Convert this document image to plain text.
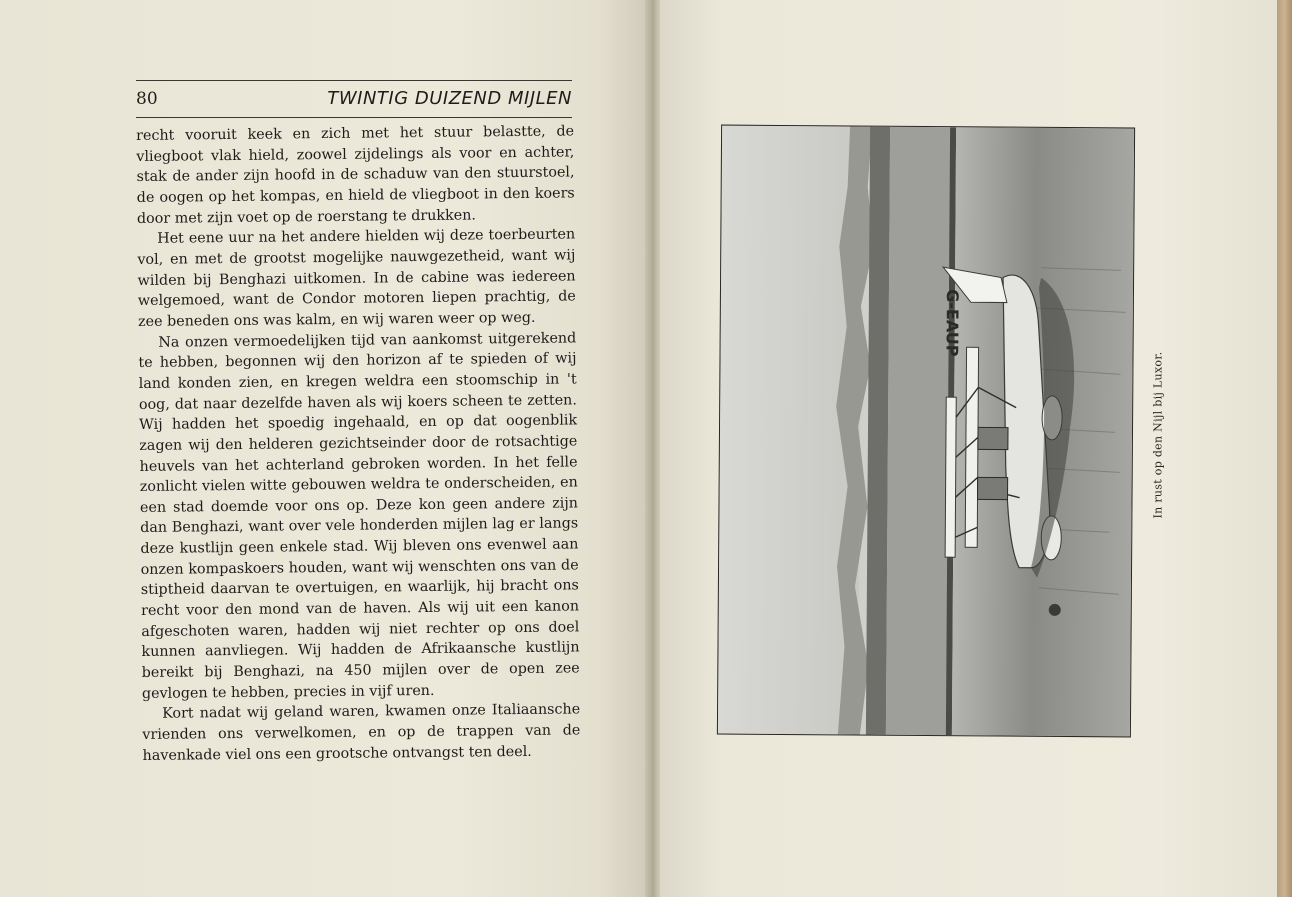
80	TWINTIG DUIZEND MIJLEN

recht vooruit keek en zich met het stuur belastte, de vliegboot vlak hield, zoowel zijdelings als voor en achter, stak de ander zijn hoofd in de schaduw van den stuurstoel, de oogen op het kompas, en hield de vliegboot in den koers door met zijn voet op de roerstang te drukken.

Het eene uur na het andere hielden wij deze toerbeurten vol, en met de grootst mogelijke nauwgezetheid, want wij wilden bij Benghazi uitkomen. In de cabine was iedereen welgemoed, want de Condor motoren liepen prachtig, de zee beneden ons was kalm, en wij waren weer op weg.

Na onzen vermoedelijken tijd van aankomst uitgerekend te hebben, begonnen wij den horizon af te spieden of wij land konden zien, en kregen weldra een stoomschip in 't oog, dat naar dezelfde haven als wij koers scheen te zetten. Wij hadden het spoedig ingehaald, en op dat oogenblik zagen wij den helderen gezichtseinder door de rotsachtige heuvels van het achterland gebroken worden. In het felle zonlicht vielen witte gebouwen weldra te onderscheiden, en een stad doemde voor ons op. Deze kon geen andere zijn dan Benghazi, want over vele honderden mijlen lag er langs deze kustlijn geen enkele stad. Wij bleven ons evenwel aan onzen kompaskoers houden, want wij wenschten ons van de stiptheid daarvan te overtuigen, en waarlijk, hij bracht ons recht voor den mond van de haven. Als wij uit een kanon afgeschoten waren, hadden wij niet rechter op ons doel kunnen aanvliegen. Wij hadden de Afrikaansche kustlijn bereikt bij Benghazi, na 450 mijlen over de open zee gevlogen te hebben, precies in vijf uren.

Kort nadat wij geland waren, kwamen onze Italiaansche vrienden ons verwelkomen, en op de trappen van de havenkade viel ons een grootsche ontvangst ten deel.

G-EAUP
In rust op den Nijl bij Luxor.
